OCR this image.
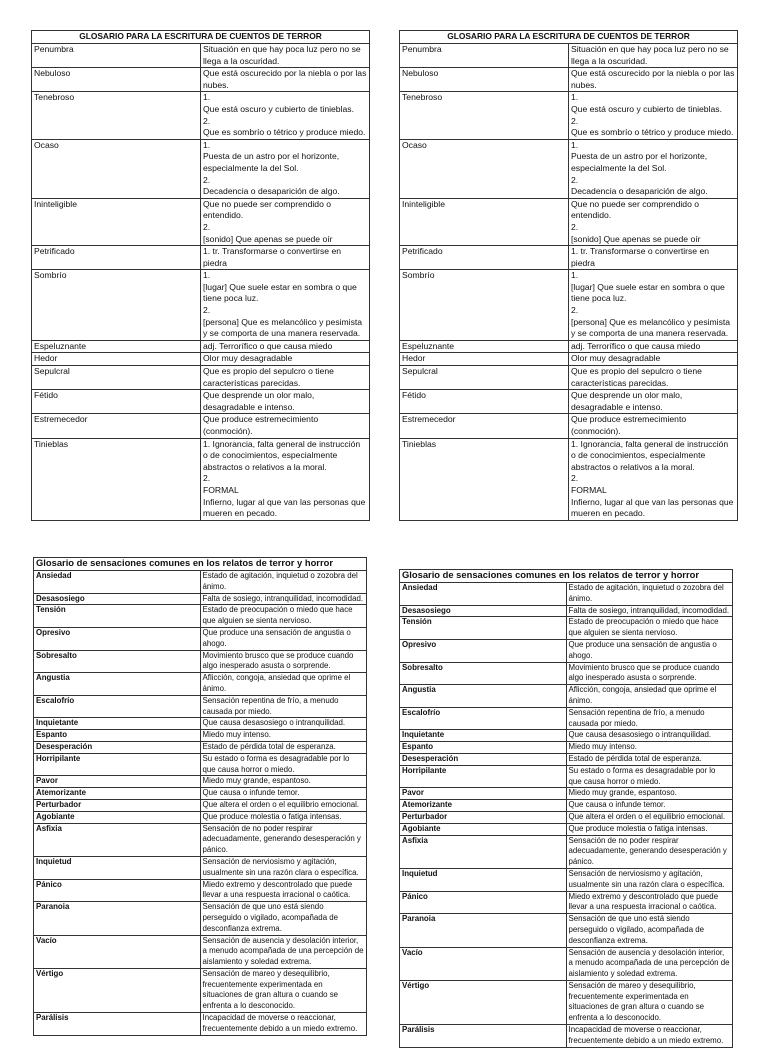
GLOSARIO PARA LA ESCRITURA DE CUENTOS DE TERROR	
Penumbra	Situación en que hay poca luz pero no se llega a la oscuridad.

Nebuloso	Que está oscurecido por la niebla o por las nubes.

Tenebroso	1.
Que está oscuro y cubierto de tinieblas.
2.
Que es sombrío o tétrico y produce miedo.

Ocaso	1.
Puesta de un astro por el horizonte, especialmente la del Sol.
2.
Decadencia o desaparición de algo.

Ininteligible	Que no puede ser comprendido o entendido.
2.
[sonido] Que apenas se puede oír

Petrificado	1. tr. Transformarse o convertirse en piedra

Sombrío	1.
[lugar] Que suele estar en sombra o que tiene poca luz.
2.
[persona] Que es melancólico y pesimista y se comporta de una manera reservada.

Espeluznante	adj. Terrorífico o que causa miedo

Hedor	Olor muy desagradable

Sepulcral	Que es propio del sepulcro o tiene características parecidas.

Fétido	Que desprende un olor malo, desagradable e intenso.

Estremecedor	Que produce estremecimiento (conmoción).

Tinieblas	1. Ignorancia, falta general de instrucción o de conocimientos, especialmente abstractos o relativos a la moral.
2.
FORMAL
Infierno, lugar al que van las personas que mueren en pecado.
GLOSARIO PARA LA ESCRITURA DE CUENTOS DE TERROR	
Penumbra	Situación en que hay poca luz pero no se llega a la oscuridad.

Nebuloso	Que está oscurecido por la niebla o por las nubes.

Tenebroso	1.
Que está oscuro y cubierto de tinieblas.
2.
Que es sombrío o tétrico y produce miedo.

Ocaso	1.
Puesta de un astro por el horizonte, especialmente la del Sol.
2.
Decadencia o desaparición de algo.

Ininteligible	Que no puede ser comprendido o entendido.
2.
[sonido] Que apenas se puede oír

Petrificado	1. tr. Transformarse o convertirse en piedra

Sombrío	1.
[lugar] Que suele estar en sombra o que tiene poca luz.
2.
[persona] Que es melancólico y pesimista y se comporta de una manera reservada.

Espeluznante	adj. Terrorífico o que causa miedo

Hedor	Olor muy desagradable

Sepulcral	Que es propio del sepulcro o tiene características parecidas.

Fétido	Que desprende un olor malo, desagradable e intenso.

Estremecedor	Que produce estremecimiento (conmoción).

Tinieblas	1. Ignorancia, falta general de instrucción o de conocimientos, especialmente abstractos o relativos a la moral.
2.
FORMAL
Infierno, lugar al que van las personas que mueren en pecado.
Glosario de sensaciones comunes en los relatos de terror y horror	
Ansiedad	Estado de agitación, inquietud o zozobra del ánimo.
Desasosiego	Falta de sosiego, intranquilidad, incomodidad.
Tensión	Estado de preocupación o miedo que hace que alguien se sienta nervioso.
Opresivo	Que produce una sensación de angustia o ahogo.
Sobresalto	Movimiento brusco que se produce cuando algo inesperado asusta o sorprende.
Angustia	Aflicción, congoja, ansiedad que oprime el ánimo.
Escalofrío	Sensación repentina de frío, a menudo causada por miedo.
Inquietante	Que causa desasosiego o intranquilidad.
Espanto	Miedo muy intenso.
Desesperación	Estado de pérdida total de esperanza.
Horripilante	Su estado o forma es desagradable por lo que causa horror o miedo.
Pavor	Miedo muy grande, espantoso.
Atemorizante	Que causa o infunde temor.
Perturbador	Que altera el orden o el equilibrio emocional.
Agobiante	Que produce molestia o fatiga intensas.
Asfixia	Sensación de no poder respirar adecuadamente, generando desesperación y pánico.
Inquietud	Sensación de nerviosismo y agitación, usualmente sin una razón clara o específica.
Pánico	Miedo extremo y descontrolado que puede llevar a una respuesta irracional o caótica.
Paranoia	Sensación de que uno está siendo perseguido o vigilado, acompañada de desconfianza extrema.
Vacío	Sensación de ausencia y desolación interior, a menudo acompañada de una percepción de aislamiento y soledad extrema.
Vértigo	Sensación de mareo y desequilibrio, frecuentemente experimentada en situaciones de gran altura o cuando se enfrenta a lo desconocido.
Parálisis	Incapacidad de moverse o reaccionar, frecuentemente debido a un miedo extremo.
Glosario de sensaciones comunes en los relatos de terror y horror	
Ansiedad	Estado de agitación, inquietud o zozobra del ánimo.
Desasosiego	Falta de sosiego, intranquilidad, incomodidad.
Tensión	Estado de preocupación o miedo que hace que alguien se sienta nervioso.
Opresivo	Que produce una sensación de angustia o ahogo.
Sobresalto	Movimiento brusco que se produce cuando algo inesperado asusta o sorprende.
Angustia	Aflicción, congoja, ansiedad que oprime el ánimo.
Escalofrío	Sensación repentina de frío, a menudo causada por miedo.
Inquietante	Que causa desasosiego o intranquilidad.
Espanto	Miedo muy intenso.
Desesperación	Estado de pérdida total de esperanza.
Horripilante	Su estado o forma es desagradable por lo que causa horror o miedo.
Pavor	Miedo muy grande, espantoso.
Atemorizante	Que causa o infunde temor.
Perturbador	Que altera el orden o el equilibrio emocional.
Agobiante	Que produce molestia o fatiga intensas.
Asfixia	Sensación de no poder respirar adecuadamente, generando desesperación y pánico.
Inquietud	Sensación de nerviosismo y agitación, usualmente sin una razón clara o específica.
Pánico	Miedo extremo y descontrolado que puede llevar a una respuesta irracional o caótica.
Paranoia	Sensación de que uno está siendo perseguido o vigilado, acompañada de desconfianza extrema.
Vacío	Sensación de ausencia y desolación interior, a menudo acompañada de una percepción de aislamiento y soledad extrema.
Vértigo	Sensación de mareo y desequilibrio, frecuentemente experimentada en situaciones de gran altura o cuando se enfrenta a lo desconocido.
Parálisis	Incapacidad de moverse o reaccionar, frecuentemente debido a un miedo extremo.
